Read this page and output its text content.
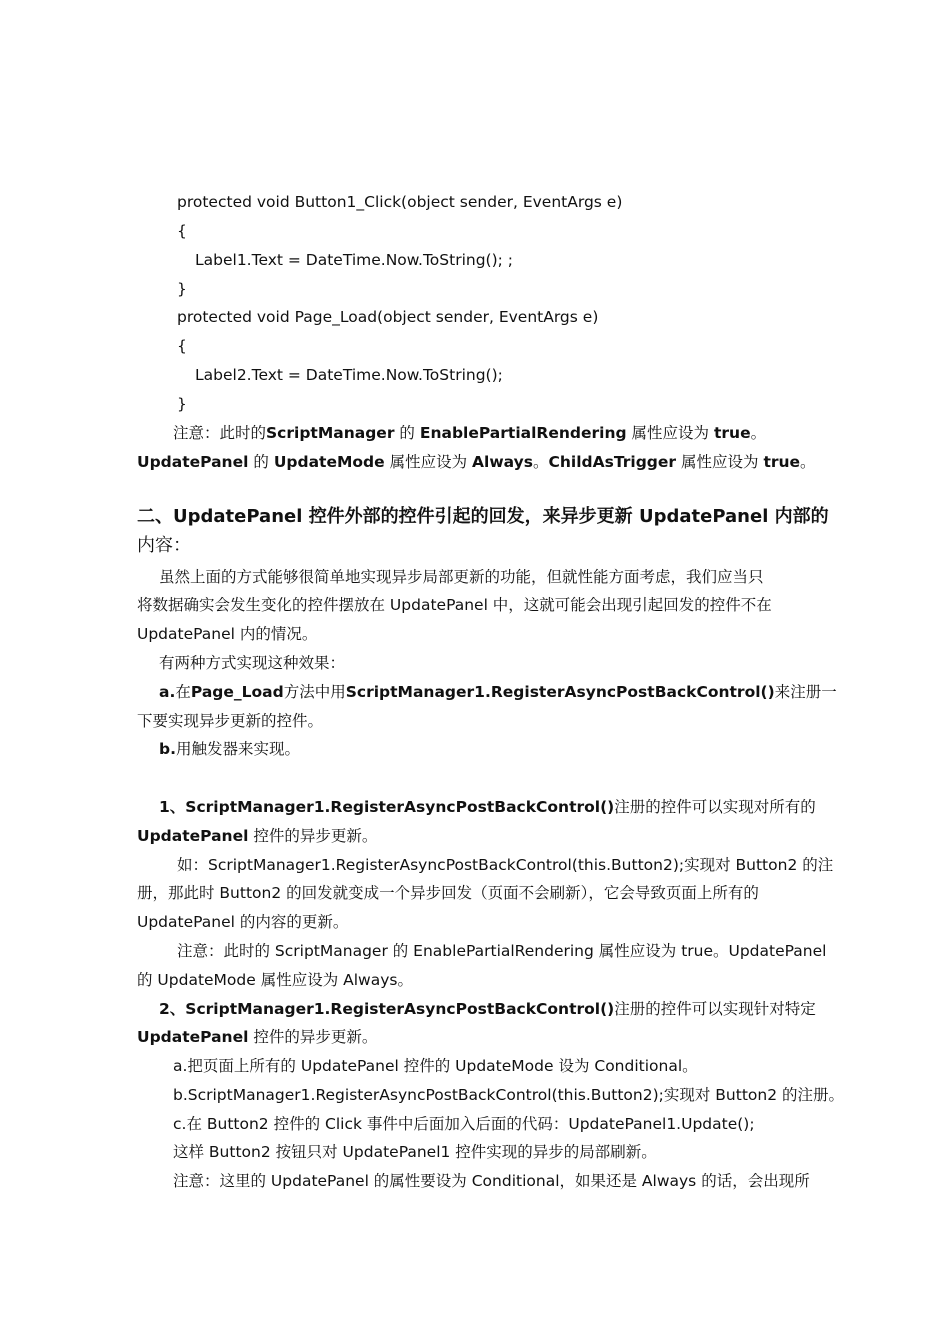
protected void Button1_Click(object sender, EventArgs e)
{
Label1.Text = DateTime.Now.ToString(); ;
}
protected void Page_Load(object sender, EventArgs e)
{
Label2.Text = DateTime.Now.ToString();
}
注意：此时的ScriptManager 的 EnablePartialRendering 属性应设为 true。
UpdatePanel 的 UpdateMode 属性应设为 Always。ChildAsTrigger 属性应设为 true。
二、UpdatePanel 控件外部的控件引起的回发，来异步更新 UpdatePanel 内部的
内容：
虽然上面的方式能够很简单地实现异步局部更新的功能，但就性能方面考虑，我们应当只
将数据确实会发生变化的控件摆放在 UpdatePanel 中，这就可能会出现引起回发的控件不在
UpdatePanel 内的情况。
有两种方式实现这种效果：
a.在Page_Load方法中用ScriptManager1.RegisterAsyncPostBackControl()来注册一
下要实现异步更新的控件。
b.用触发器来实现。
1、ScriptManager1.RegisterAsyncPostBackControl()注册的控件可以实现对所有的
UpdatePanel 控件的异步更新。
如：ScriptManager1.RegisterAsyncPostBackControl(this.Button2);实现对 Button2 的注
册，那此时 Button2 的回发就变成一个异步回发（页面不会刷新），它会导致页面上所有的
UpdatePanel 的内容的更新。
注意：此时的 ScriptManager 的 EnablePartialRendering 属性应设为 true。UpdatePanel
的 UpdateMode 属性应设为 Always。
2、ScriptManager1.RegisterAsyncPostBackControl()注册的控件可以实现针对特定
UpdatePanel 控件的异步更新。
a.把页面上所有的 UpdatePanel 控件的 UpdateMode 设为 Conditional。
b.ScriptManager1.RegisterAsyncPostBackControl(this.Button2);实现对 Button2 的注册。
c.在 Button2 控件的 Click 事件中后面加入后面的代码：UpdatePanel1.Update();
这样 Button2 按钮只对 UpdatePanel1 控件实现的异步的局部刷新。
注意：这里的 UpdatePanel 的属性要设为 Conditional，如果还是 Always 的话，会出现所
